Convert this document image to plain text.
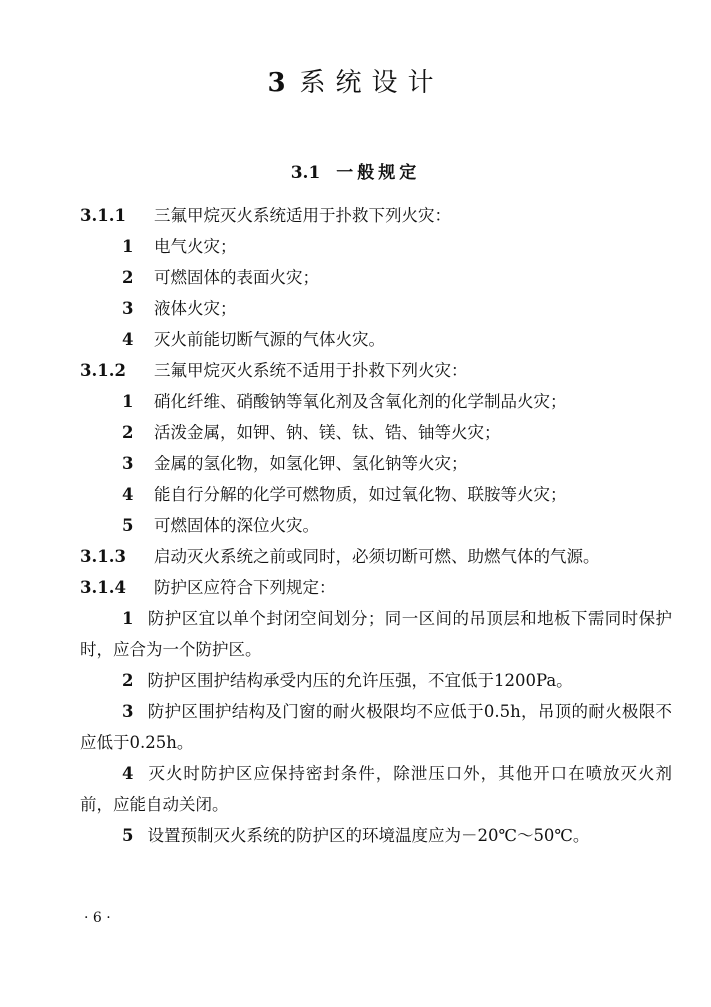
3 系统设计
3.1 一般规定
3.1.1 三氟甲烷灭火系统适用于扑救下列火灾：
1 电气火灾；
2 可燃固体的表面火灾；
3 液体火灾；
4 灭火前能切断气源的气体火灾。
3.1.2 三氟甲烷灭火系统不适用于扑救下列火灾：
1 硝化纤维、硝酸钠等氧化剂及含氧化剂的化学制品火灾；
2 活泼金属，如钾、钠、镁、钛、锆、铀等火灾；
3 金属的氢化物，如氢化钾、氢化钠等火灾；
4 能自行分解的化学可燃物质，如过氧化物、联胺等火灾；
5 可燃固体的深位火灾。
3.1.3 启动灭火系统之前或同时，必须切断可燃、助燃气体的气源。
3.1.4 防护区应符合下列规定：
1 防护区宜以单个封闭空间划分；同一区间的吊顶层和地板下需同时保护时，应合为一个防护区。
2 防护区围护结构承受内压的允许压强，不宜低于1200Pa。
3 防护区围护结构及门窗的耐火极限均不应低于0.5h，吊顶的耐火极限不应低于0.25h。
4 灭火时防护区应保持密封条件，除泄压口外，其他开口在喷放灭火剂前，应能自动关闭。
5 设置预制灭火系统的防护区的环境温度应为－20℃～50℃。
· 6 ·
